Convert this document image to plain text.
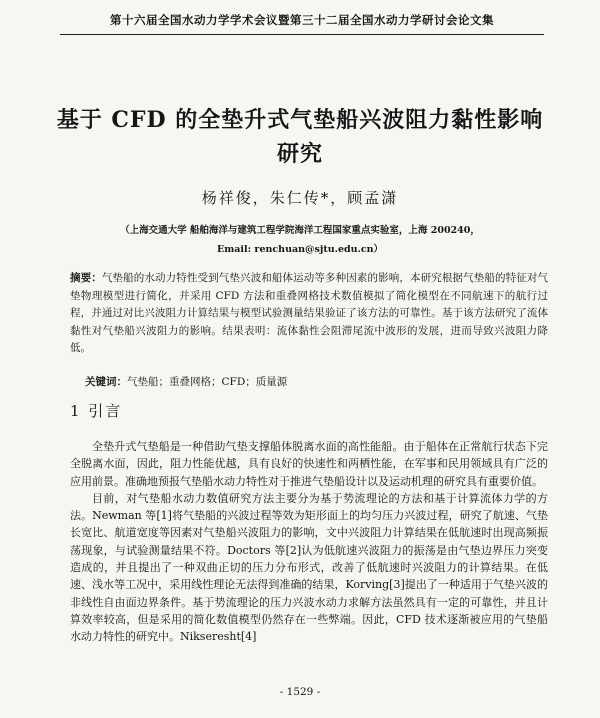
第十六届全国水动力学学术会议暨第三十二届全国水动力学研讨会论文集
基于 CFD 的全垫升式气垫船兴波阻力黏性影响研究
杨祥俊，朱仁传*，顾孟潇
（上海交通大学 船舶海洋与建筑工程学院海洋工程国家重点实验室，上海 200240，
Email: renchuan@sjtu.edu.cn）
摘要：气垫船的水动力特性受到气垫兴波和船体运动等多种因素的影响，本研究根据气垫船的特征对气垫物理模型进行简化，并采用 CFD 方法和重叠网格技术数值模拟了简化模型在不同航速下的航行过程，并通过对比兴波阻力计算结果与模型试验测量结果验证了该方法的可靠性。基于该方法研究了流体黏性对气垫船兴波阻力的影响。结果表明：流体黏性会阻滞尾流中波形的发展，进而导致兴波阻力降低。
关键词：气垫船；重叠网格；CFD；质量源
1 引言

全垫升式气垫船是一种借助气垫支撑船体脱离水面的高性能船。由于船体在正常航行状态下完全脱离水面，因此，阻力性能优越，具有良好的快速性和两栖性能，在军事和民用领域具有广泛的应用前景。准确地预报气垫船水动力特性对于推进气垫船设计以及运动机理的研究具有重要价值。

目前，对气垫船水动力数值研究方法主要分为基于势流理论的方法和基于计算流体力学的方法。Newman 等[1]将气垫船的兴波过程等效为矩形面上的均匀压力兴波过程，研究了航速、气垫长宽比、航道宽度等因素对气垫船兴波阻力的影响，文中兴波阻力计算结果在低航速时出现高频振荡现象，与试验测量结果不符。Doctors 等[2]认为低航速兴波阻力的振荡是由气垫边界压力突变造成的，并且提出了一种双曲正切的压力分布形式，改善了低航速时兴波阻力的计算结果。在低速、浅水等工况中，采用线性理论无法得到准确的结果，Korving[3]提出了一种适用于气垫兴波的非线性自由面边界条件。基于势流理论的压力兴波水动力求解方法虽然具有一定的可靠性，并且计算效率较高，但是采用的简化数值模型仍然存在一些弊端。因此，CFD 技术逐渐被应用的气垫船水动力特性的研究中。Nikseresht[4]

- 1529 -
